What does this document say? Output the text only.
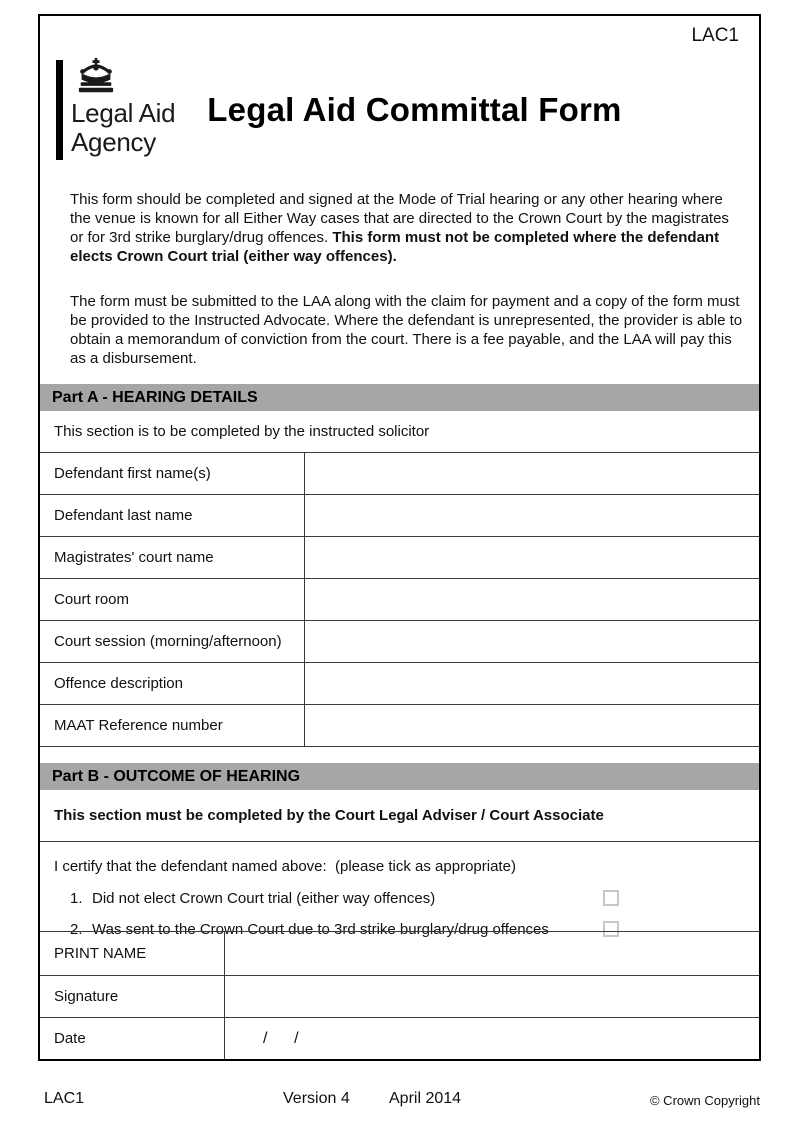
LAC1
Legal Aid
Agency
Legal Aid Committal Form

This form should be completed and signed at the Mode of Trial hearing or any other hearing where the venue is known for all Either Way cases that are directed to the Crown Court by the magistrates or for 3rd strike burglary/drug offences. This form must not be completed where the defendant elects Crown Court trial (either way offences).

The form must be submitted to the LAA along with the claim for payment and a copy of the form must be provided to the Instructed Advocate. Where the defendant is unrepresented, the provider is able to obtain a memorandum of conviction from the court. There is a fee payable, and the LAA will pay this as a disbursement.

Part A - HEARING DETAILS
This section is to be completed by the instructed solicitor
Defendant first name(s)
Defendant last name
Magistrates' court name
Court room
Court session (morning/afternoon)
Offence description
MAAT Reference number
Part B - OUTCOME OF HEARING
This section must be completed by the Court Legal Adviser / Court Associate
I certify that the defendant named above:  (please tick as appropriate)
1. Did not elect Crown Court trial (either way offences)
2. Was sent to the Crown Court due to 3rd strike burglary/drug offences
PRINT NAME
Signature
Date	/      /
LAC1	Version 4 April 2014	© Crown Copyright
